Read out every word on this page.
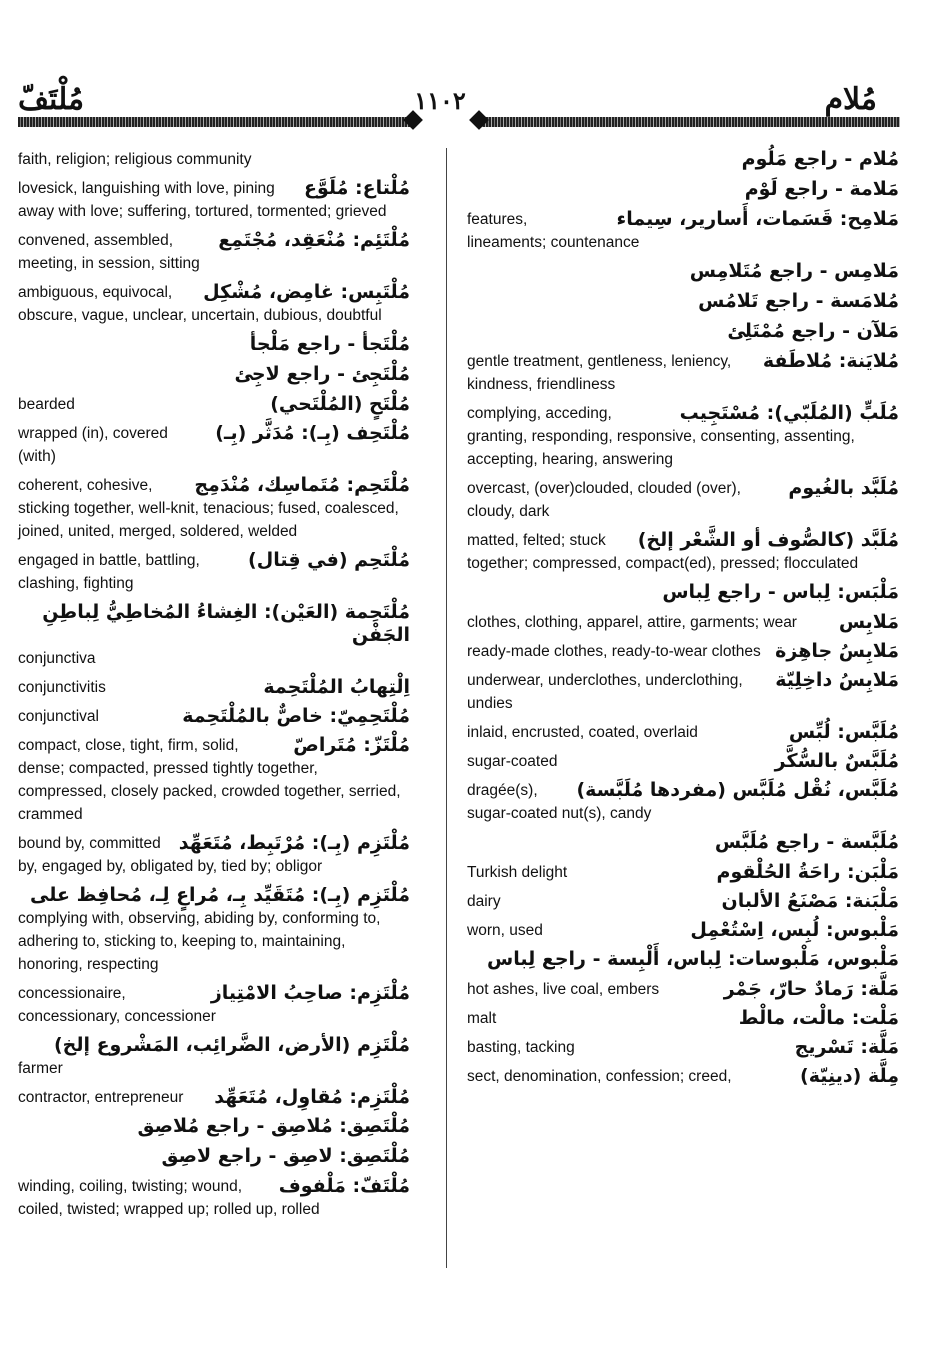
مُلْتَفّ	١١٠٢	مُلام
faith, religion; religious community
مُلْتاع: مُلَوَّع
lovesick, languishing with love, pining away with love; suffering, tortured, tormented; grieved
مُلْتَئِم: مُنْعَقِد، مُجْتَمِع
convened, assembled, meeting, in session, sitting
مُلْتَبِس: غامِض، مُشْكِل
ambiguous, equivocal, obscure, vague, unclear, uncertain, dubious, doubtful
مُلْتَجأ - راجع مَلْجأ
مُلْتَجِئ - راجع لاجِئ
مُلْتَحٍ (المُلْتَحي)
bearded
مُلْتَحِف (بِـ): مُدَثَّر (بِـ)
wrapped (in), covered (with)
مُلْتَحِم: مُتَماسِك، مُنْدَمِج
coherent, cohesive, sticking together, well-knit, tenacious; fused, coalesced, joined, united, merged, soldered, welded
مُلْتَحِم (في قِتال)
engaged in battle, battling, clashing, fighting
مُلْتَحِمة (العَيْن): الغِشاءُ المُخاطِيُّ لِباطِنِ الجَفْن
conjunctiva
اِلْتِهابُ المُلْتَحِمة
conjunctivitis
مُلْتَحِمِيّ: خاصٌّ بالمُلْتَحِمة
conjunctival
مُلْتَزّ: مُتَراصّ
compact, close, tight, firm, solid, dense; compacted, pressed tightly together, compressed, closely packed, crowded together, serried, crammed
مُلْتَزِم (بِـ): مُرْتَبِط، مُتَعَهِّد
bound by, committed by, engaged by, obligated by, tied by; obligor
مُلْتَزِم (بِـ): مُتَقَيِّد بِـ، مُراعٍ لِـ، مُحافِظ على
complying with, observing, abiding by, conforming to, adhering to, sticking to, keeping to, maintaining, honoring, respecting
مُلْتَزِم: صاحِبُ الامْتِياز
concessionaire, concessionary, concessioner
مُلْتَزِم (الأرض، الضَّرائِب، المَشْروع إلخ)
farmer
مُلْتَزِم: مُقاوِل، مُتَعَهِّد
contractor, entrepreneur
مُلْتَصِق: مُلاصِق - راجع مُلاصِق
مُلْتَصِق: لاصِق - راجع لاصِق
مُلْتَفّ: مَلْفوف
winding, coiling, twisting; wound, coiled, twisted; wrapped up; rolled up, rolled
مُلام - راجع مَلُوم
مَلامة - راجع لَوْم
مَلامِح: قَسَمات، أَسارير، سِيماء
features, lineaments; countenance
مَلامِس - راجع مُتَلامِس
مُلامَسة - راجع تَلامُس
مَلآن - راجع مُمْتَلِئ
مُلايَنة: مُلاطَفة
gentle treatment, gentleness, leniency, kindness, friendliness
مُلَبٍّ (المُلَبّي): مُسْتَجِيب
complying, acceding, granting, responding, responsive, consenting, assenting, accepting, hearing, answering
مُلَبَّد بالغُيوم
overcast, (over)clouded, clouded (over), cloudy, dark
مُلَبَّد (كالصُّوف أو الشَّعْر إلخ)
matted, felted; stuck together; compressed, compact(ed), pressed; flocculated
مَلْبَس: لِباس - راجع لِباس
مَلابِس
clothes, clothing, apparel, attire, garments; wear
مَلابِسُ جاهِزة
ready-made clothes, ready-to-wear clothes
مَلابِسُ داخِلِيّة
underwear, underclothes, underclothing, undies
مُلَبَّس: لُبِّس
inlaid, encrusted, coated, overlaid
مُلَبَّسٌ بالسُّكَّر
sugar-coated
مُلَبَّس، نُقْل مُلَبَّس (مفردها مُلَبَّسة)
dragée(s), sugar-coated nut(s), candy
مُلَبَّسة - راجع مُلَبَّس
مَلْبَن: راحَةُ الحُلْقوم
Turkish delight
مَلْبَنة: مَصْنَعُ الألبان
dairy
مَلْبوس: لُبِس، اِسْتُعْمِل
worn, used
مَلْبوس، مَلْبوسات: لِباس، أَلْبِسة - راجع لِباس
مَلَّة: رَمادٌ حارّ، جَمْر
hot ashes, live coal, embers
مَلْت: مالْت، مالْط
malt
مَلَّة: تَسْريج
basting, tacking
مِلَّة (دينِيّة)
sect, denomination, confession; creed,
